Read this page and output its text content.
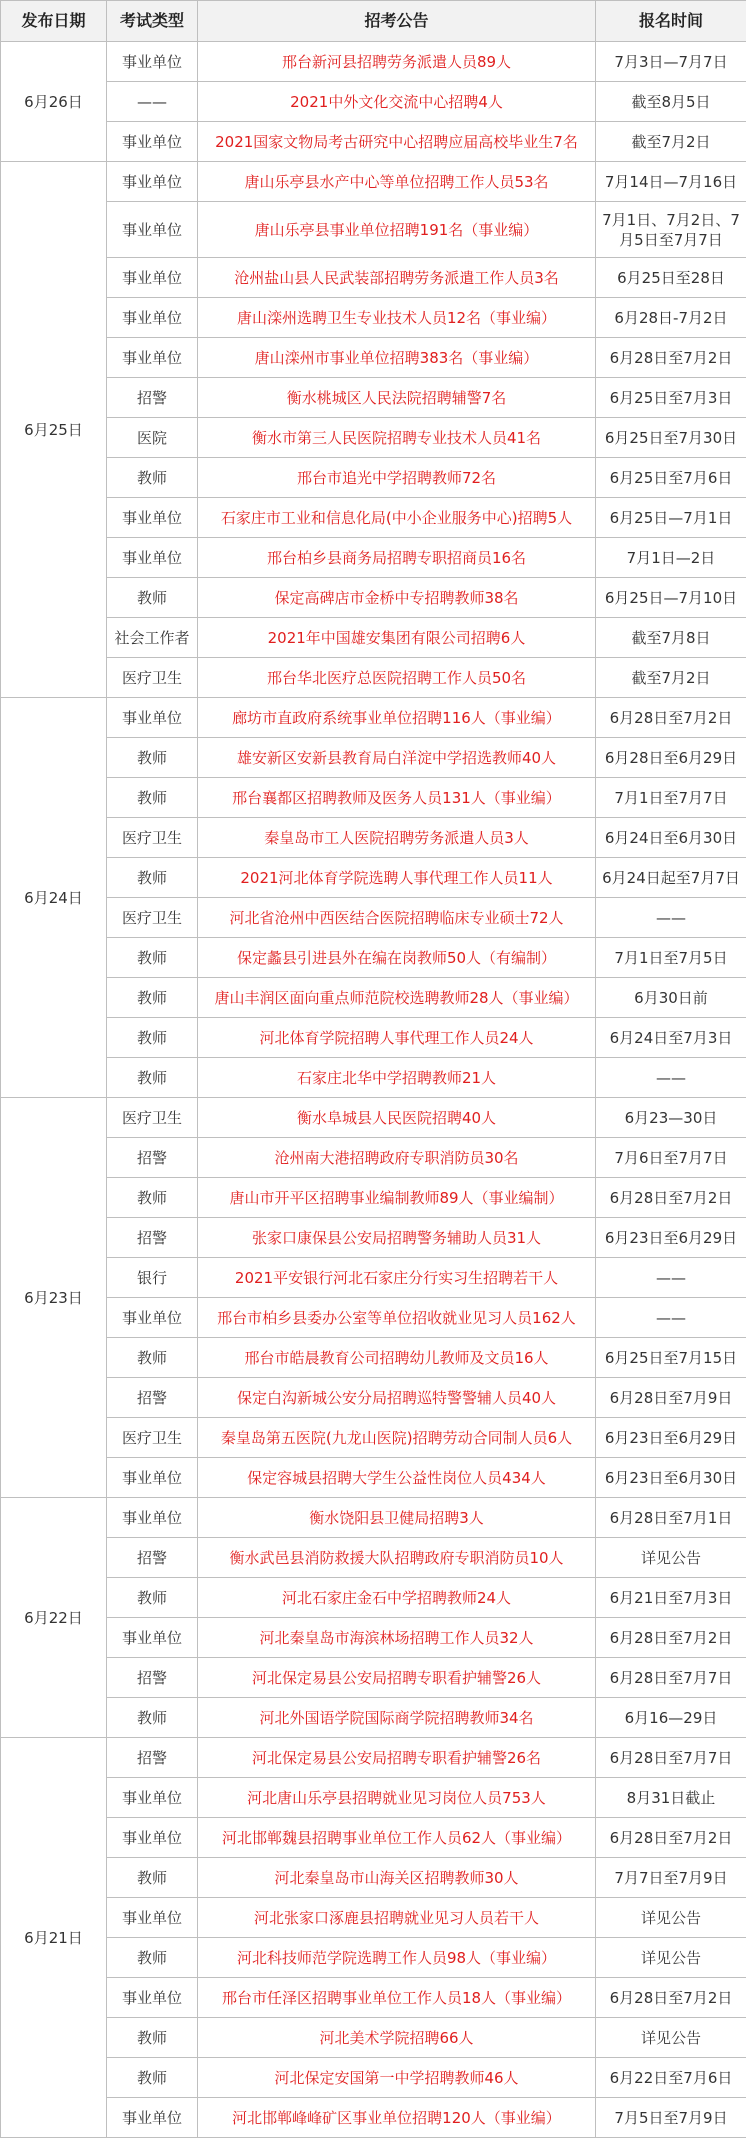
发布日期	考试类型	招考公告	报名时间
6月26日	事业单位	邢台新河县招聘劳务派遣人员89人	7月3日—7月7日
	——	2021中外文化交流中心招聘4人	截至8月5日
	事业单位	2021国家文物局考古研究中心招聘应届高校毕业生7名	截至7月2日
6月25日	事业单位	唐山乐亭县水产中心等单位招聘工作人员53名	7月14日—7月16日
	事业单位	唐山乐亭县事业单位招聘191名（事业编）	7月1日、7月2日、7月5日至7月7日
	事业单位	沧州盐山县人民武装部招聘劳务派遣工作人员3名	6月25日至28日
	事业单位	唐山滦州选聘卫生专业技术人员12名（事业编）	6月28日-7月2日
	事业单位	唐山滦州市事业单位招聘383名（事业编）	6月28日至7月2日
	招警	衡水桃城区人民法院招聘辅警7名	6月25日至7月3日
	医院	衡水市第三人民医院招聘专业技术人员41名	6月25日至7月30日
	教师	邢台市追光中学招聘教师72名	6月25日至7月6日
	事业单位	石家庄市工业和信息化局(中小企业服务中心)招聘5人	6月25日—7月1日
	事业单位	邢台柏乡县商务局招聘专职招商员16名	7月1日—2日
	教师	保定高碑店市金桥中专招聘教师38名	6月25日—7月10日
	社会工作者	2021年中国雄安集团有限公司招聘6人	截至7月8日
	医疗卫生	邢台华北医疗总医院招聘工作人员50名	截至7月2日
6月24日	事业单位	廊坊市直政府系统事业单位招聘116人（事业编）	6月28日至7月2日
	教师	雄安新区安新县教育局白洋淀中学招选教师40人	6月28日至6月29日
	教师	邢台襄都区招聘教师及医务人员131人（事业编）	7月1日至7月7日
	医疗卫生	秦皇岛市工人医院招聘劳务派遣人员3人	6月24日至6月30日
	教师	2021河北体育学院选聘人事代理工作人员11人	6月24日起至7月7日
	医疗卫生	河北省沧州中西医结合医院招聘临床专业硕士72人	——
	教师	保定蠡县引进县外在编在岗教师50人（有编制）	7月1日至7月5日
	教师	唐山丰润区面向重点师范院校选聘教师28人（事业编）	6月30日前
	教师	河北体育学院招聘人事代理工作人员24人	6月24日至7月3日
	教师	石家庄北华中学招聘教师21人	——
6月23日	医疗卫生	衡水阜城县人民医院招聘40人	6月23—30日
	招警	沧州南大港招聘政府专职消防员30名	7月6日至7月7日
	教师	唐山市开平区招聘事业编制教师89人（事业编制）	6月28日至7月2日
	招警	张家口康保县公安局招聘警务辅助人员31人	6月23日至6月29日
	银行	2021平安银行河北石家庄分行实习生招聘若干人	——
	事业单位	邢台市柏乡县委办公室等单位招收就业见习人员162人	——
	教师	邢台市皓晨教育公司招聘幼儿教师及文员16人	6月25日至7月15日
	招警	保定白沟新城公安分局招聘巡特警警辅人员40人	6月28日至7月9日
	医疗卫生	秦皇岛第五医院(九龙山医院)招聘劳动合同制人员6人	6月23日至6月29日
	事业单位	保定容城县招聘大学生公益性岗位人员434人	6月23日至6月30日
6月22日	事业单位	衡水饶阳县卫健局招聘3人	6月28日至7月1日
	招警	衡水武邑县消防救援大队招聘政府专职消防员10人	详见公告
	教师	河北石家庄金石中学招聘教师24人	6月21日至7月3日
	事业单位	河北秦皇岛市海滨林场招聘工作人员32人	6月28日至7月2日
	招警	河北保定易县公安局招聘专职看护辅警26人	6月28日至7月7日
	教师	河北外国语学院国际商学院招聘教师34名	6月16—29日
6月21日	招警	河北保定易县公安局招聘专职看护辅警26名	6月28日至7月7日
	事业单位	河北唐山乐亭县招聘就业见习岗位人员753人	8月31日截止
	事业单位	河北邯郸魏县招聘事业单位工作人员62人（事业编）	6月28日至7月2日
	教师	河北秦皇岛市山海关区招聘教师30人	7月7日至7月9日
	事业单位	河北张家口涿鹿县招聘就业见习人员若干人	详见公告
	教师	河北科技师范学院选聘工作人员98人（事业编）	详见公告
	事业单位	邢台市任泽区招聘事业单位工作人员18人（事业编）	6月28日至7月2日
	教师	河北美术学院招聘66人	详见公告
	教师	河北保定安国第一中学招聘教师46人	6月22日至7月6日
	事业单位	河北邯郸峰峰矿区事业单位招聘120人（事业编）	7月5日至7月9日
